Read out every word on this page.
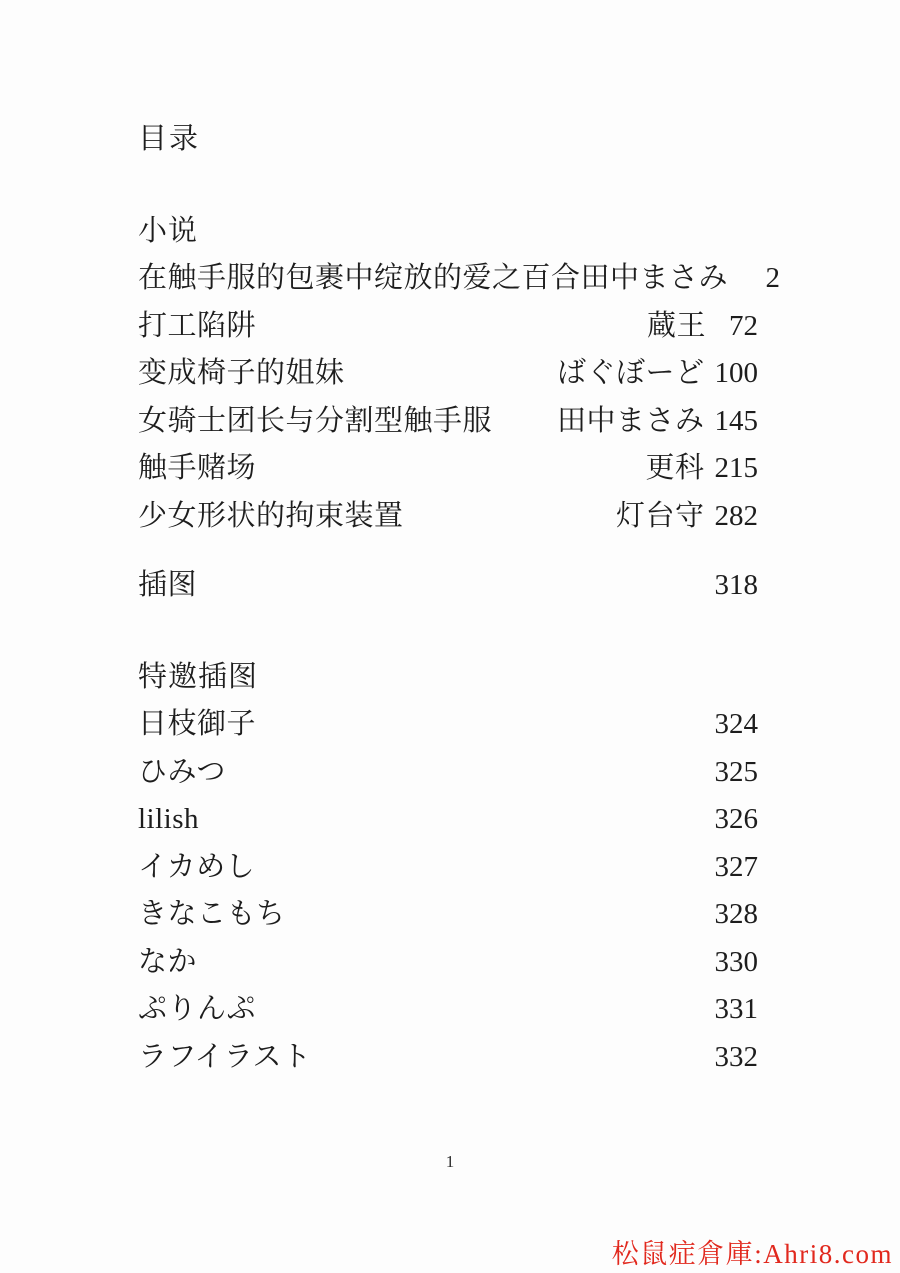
目录
小说
在触手服的包裹中绽放的爱之百合 田中まさみ	2
打工陷阱	蔵王 72
变成椅子的姐妹	ばぐぼーど 100
女骑士团长与分割型触手服 田中まさみ 145
触手赌场	更科 215
少女形状的拘束装置	灯台守 282
插图	318
特邀插图
日枝御子	324
ひみつ	325
lilish	326
イカめし	327
きなこもち	328
なか	330
ぷりんぷ	331
ラフイラスト	332
1
松鼠症倉庫:Ahri8.com
